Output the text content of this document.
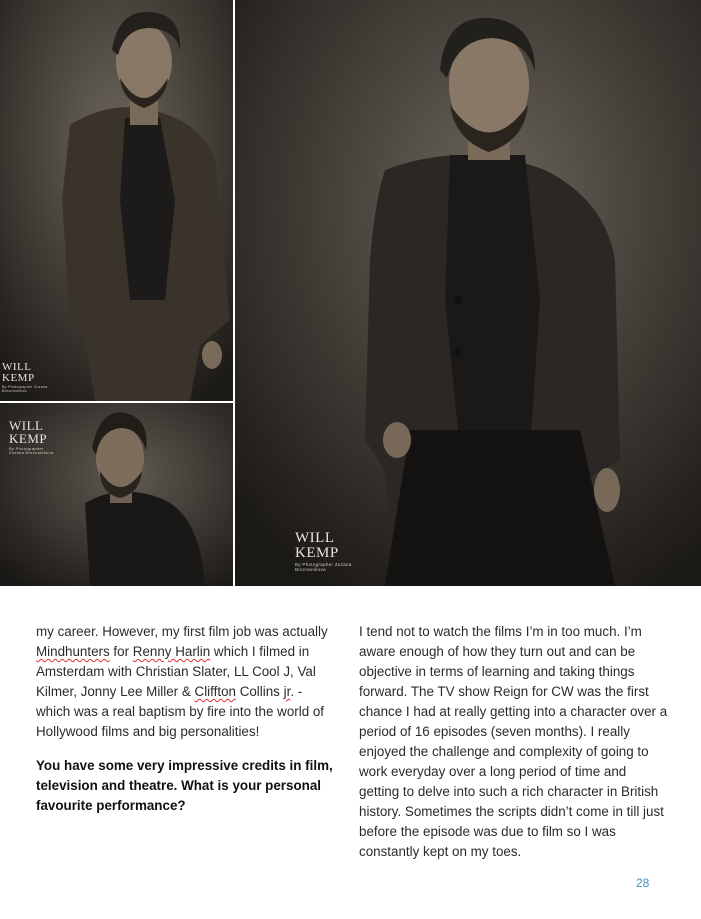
WILL
KEMP
By Photographer Zuzana
Breznanikova
WILL
KEMP
By Photographer
Zuzana Breznanikova
WILL
KEMP
By Photographer Zuzana
Breznanikova

my career. However, my first film job was actually Mindhunters for Renny Harlin which I filmed in Amsterdam with Christian Slater, LL Cool J, Val Kilmer, Jonny Lee Miller & Cliffton Collins jr. - which was a real baptism by fire into the world of Hollywood films and big personalities!

You have some very impressive credits in film, television and theatre. What is your personal favourite performance?

I tend not to watch the films I’m in too much. I’m aware enough of how they turn out and can be objective in terms of learning and taking things forward. The TV show Reign for CW was the first chance I had at really getting into a character over a period of 16 episodes (seven months). I really enjoyed the challenge and complexity of going to work everyday over a long period of time and getting to delve into such a rich character in British history. Sometimes the scripts didn’t come in till just before the episode was due to film so I was constantly kept on my toes.

28
